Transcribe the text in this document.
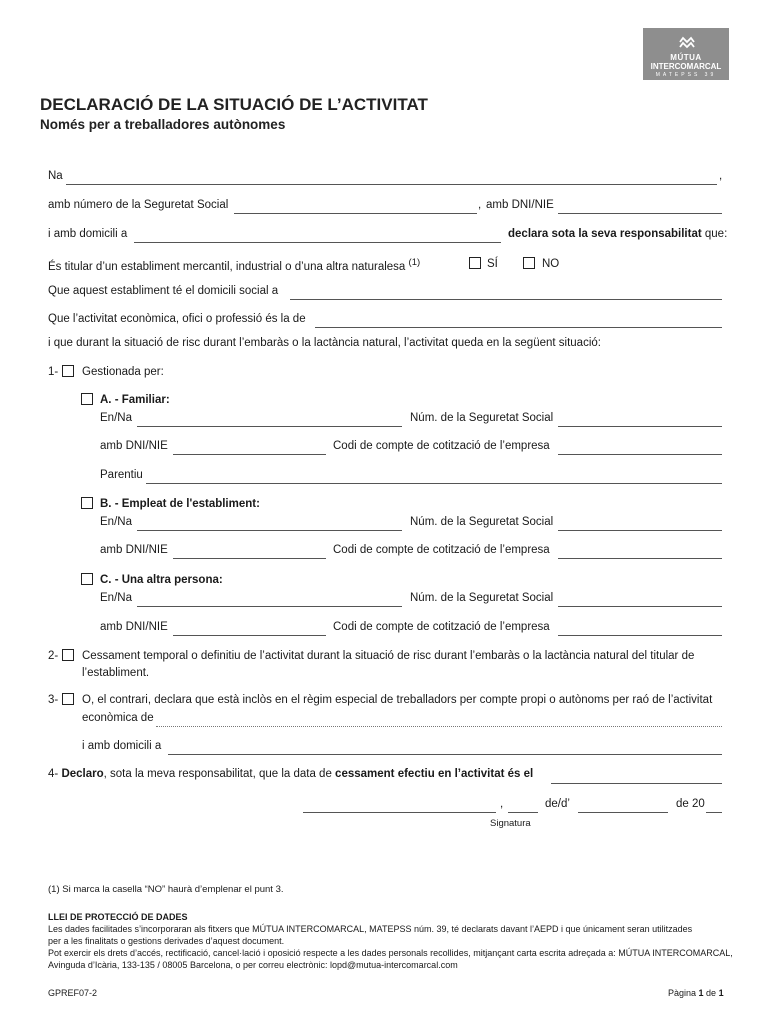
MÚTUA
INTERCOMARCAL
MATEPSS 39
DECLARACIÓ DE LA SITUACIÓ DE L’ACTIVITAT
Només per a treballadores autònomes
Na	,
amb número de la Seguretat Social	, amb DNI/NIE
i amb domicili a	declara sota la seva responsabilitat que:
És titular d’un establiment mercantil, industrial o d’una altra naturalesa $^{(1)}$	SÍ	NO
Que aquest establiment té el domicili social a
Que l’activitat econòmica, ofici o professió és la de
i que durant la situació de risc durant l’embaràs o la lactància natural, l’activitat queda en la següent situació:
1- Gestionada per:
A. - Familiar:
En/Na	Núm. de la Seguretat Social
amb DNI/NIE	Codi de compte de cotització de l’empresa
Parentiu
B. - Empleat de l'establiment:
En/Na	Núm. de la Seguretat Social
amb DNI/NIE	Codi de compte de cotització de l’empresa
C. - Una altra persona:
En/Na	Núm. de la Seguretat Social
amb DNI/NIE	Codi de compte de cotització de l’empresa
2- Cessament temporal o definitiu de l’activitat durant la situació de risc durant l’embaràs o la lactància natural del titular de
l’establiment.
3- O, el contrari, declara que està inclòs en el règim especial de treballadors per compte propi o autònoms per raó de l’activitat
econòmica de
i amb domicili a
4- Declaro, sota la meva responsabilitat, que la data de cessament efectiu en l’activitat és el
,	de/d’	de 20
Signatura
(1) Si marca la casella “NO” haurà d’emplenar el punt 3.
LLEI DE PROTECCIÓ DE DADES
Les dades facilitades s’incorporaran als fitxers que MÚTUA INTERCOMARCAL, MATEPSS núm. 39, té declarats davant l’AEPD i que únicament seran utilitzades
per a les finalitats o gestions derivades d’aquest document.
Pot exercir els drets d’accés, rectificació, cancel·lació i oposició respecte a les dades personals recollides, mitjançant carta escrita adreçada a: MÚTUA INTERCOMARCAL,
Avinguda d’Icària, 133-135 / 08005 Barcelona, o per correu electrònic: lopd@mutua-intercomarcal.com
GPREF07-2	Pàgina 1 de 1
